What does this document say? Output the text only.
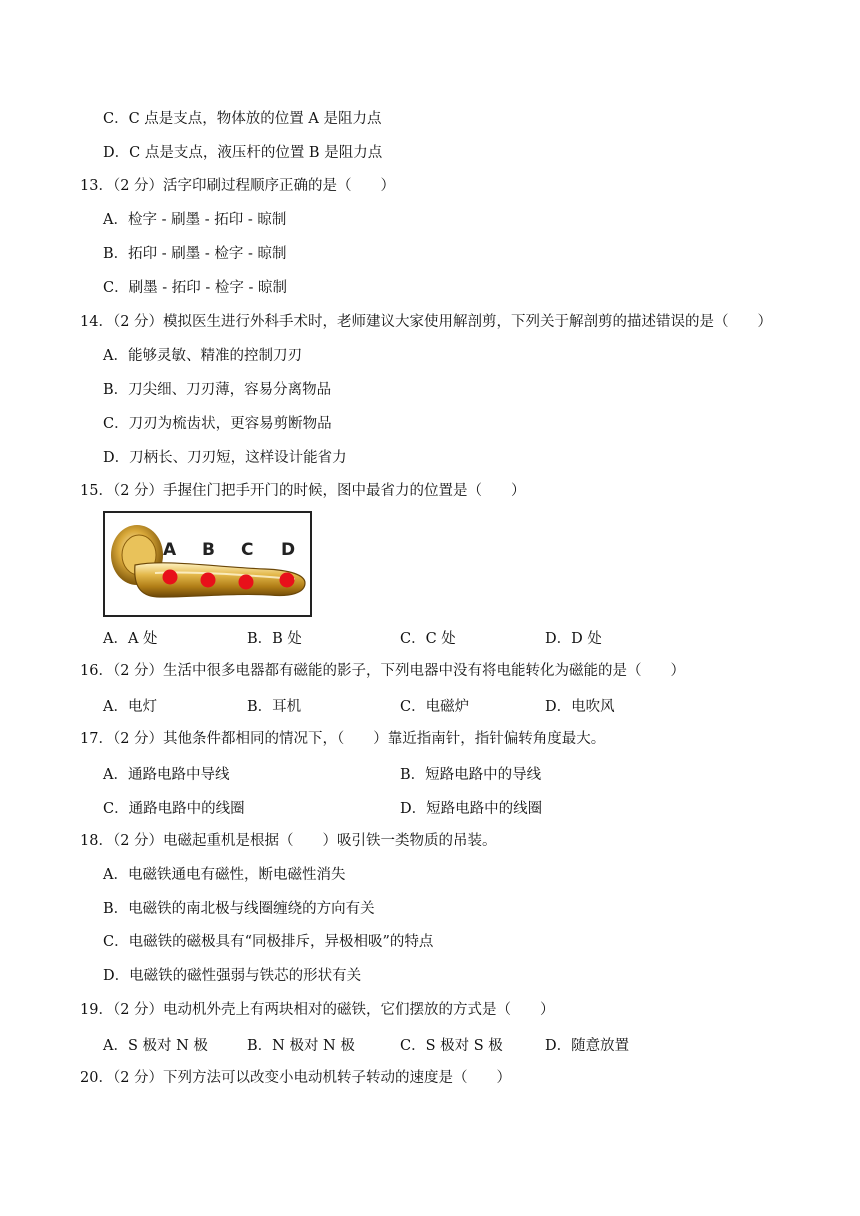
C．C 点是支点，物体放的位置 A 是阻力点
D．C 点是支点，液压杆的位置 B 是阻力点
13．（2 分）活字印刷过程顺序正确的是（　　）
A．检字 - 刷墨 - 拓印 - 晾制
B．拓印 - 刷墨 - 检字 - 晾制
C．刷墨 - 拓印 - 检字 - 晾制
14．（2 分）模拟医生进行外科手术时，老师建议大家使用解剖剪，下列关于解剖剪的描述错误的是（　　）
A．能够灵敏、精准的控制刀刃
B．刀尖细、刀刃薄，容易分离物品
C．刀刃为梳齿状，更容易剪断物品
D．刀柄长、刀刃短，这样设计能省力
15．（2 分）手握住门把手开门的时候，图中最省力的位置是（　　）
A B C D
A．A 处	B．B 处	C．C 处	D．D 处
16．（2 分）生活中很多电器都有磁能的影子，下列电器中没有将电能转化为磁能的是（　　）
A．电灯	B．耳机	C．电磁炉	D．电吹风
17．（2 分）其他条件都相同的情况下，（　　）靠近指南针，指针偏转角度最大。
A．通路电路中导线	B．短路电路中的导线
C．通路电路中的线圈	D．短路电路中的线圈
18．（2 分）电磁起重机是根据（　　）吸引铁一类物质的吊装。
A．电磁铁通电有磁性，断电磁性消失
B．电磁铁的南北极与线圈缠绕的方向有关
C．电磁铁的磁极具有“同极排斥，异极相吸”的特点
D．电磁铁的磁性强弱与铁芯的形状有关
19．（2 分）电动机外壳上有两块相对的磁铁，它们摆放的方式是（　　）
A．S 极对 N 极	B．N 极对 N 极	C．S 极对 S 极	D．随意放置
20．（2 分）下列方法可以改变小电动机转子转动的速度是（　　）
